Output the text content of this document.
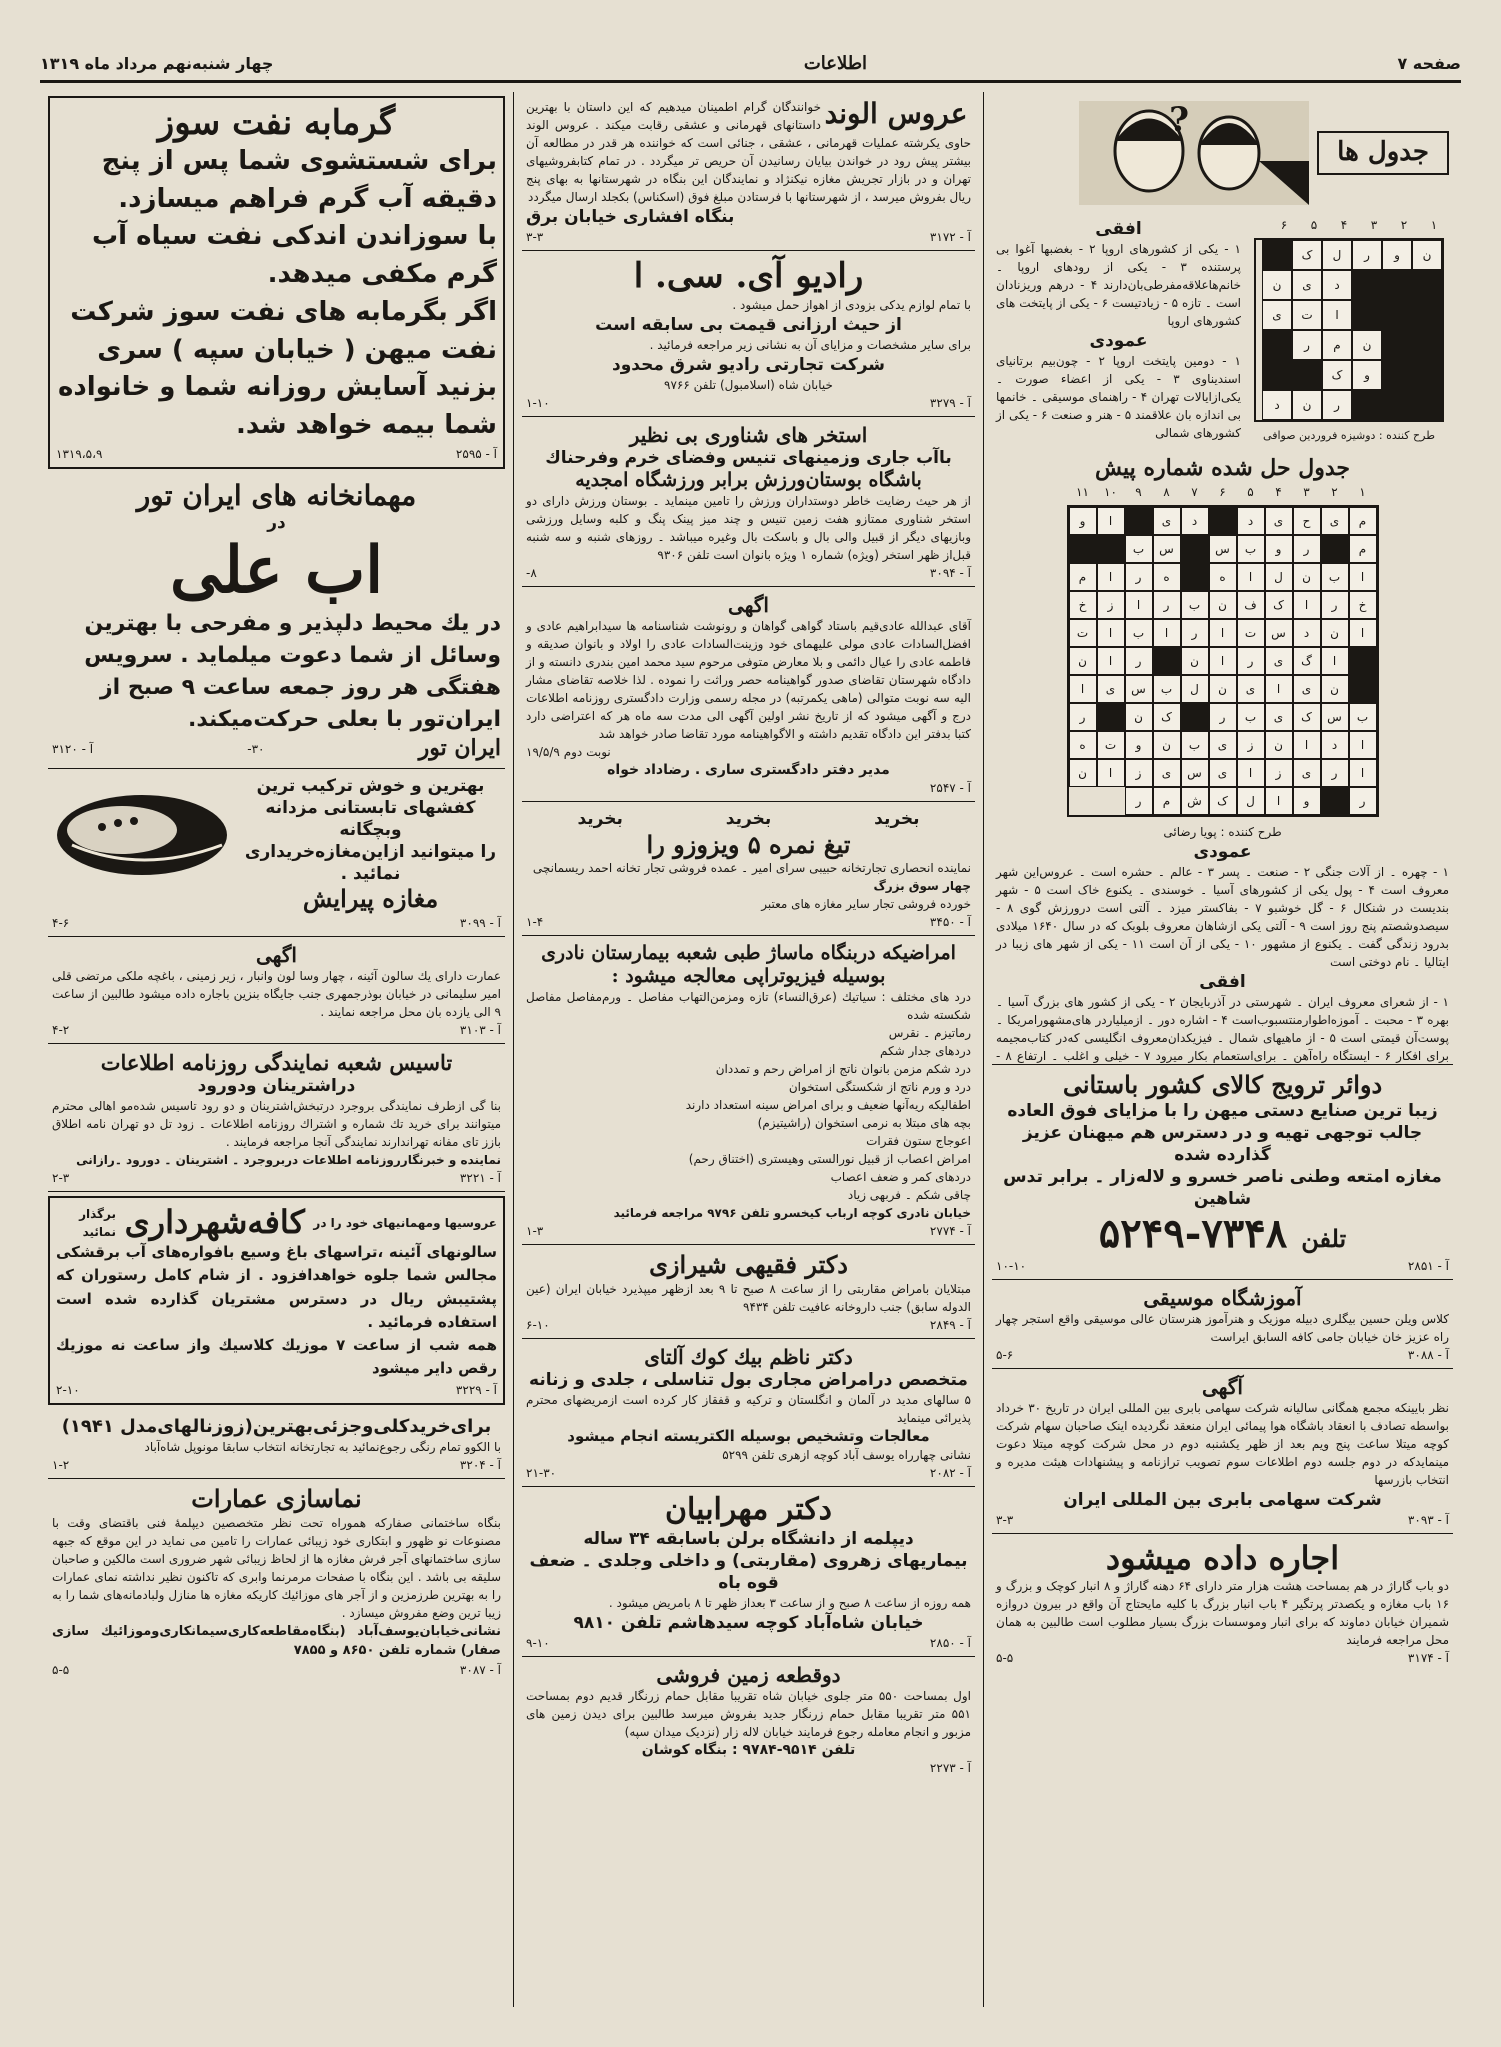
صفحه ۷
اطلاعات
چهار شنبه‌نهم مرداد ماه ۱۳۱۹
جدول ها
?
۱
۲
۳
۴
۵
۶
ن
و
ر
ل
ک
د
ی
ن
ا
ت
ی
ن
م
ر
و
ک
ر
ن
د
طرح کننده : دوشیزه فروردین صوافی
افقی
۱ - یکی از کشورهای اروپا ۲ - بغضبها آغوا بی پرستنده ۳ - یکی از رودهای اروپا ۔ خانم‌ها‌علاقه‌مفرطی‌بان‌دارند ۴ - درهم وریزنادان است ۔ تازه ۵ - زیادتیست ۶ - یکی از پایتخت های کشورهای اروپا
عمودی
۱ - دومین پایتخت اروپا ۲ - چون‌بیم برتانیای اسندیناوی ۳ - یکی از اعضاء صورت ۔ یکی‌ازایالات تهران ۴ - راهنمای موسیقی ۔ خانمها بی اندازه بان علاقمند ۵ - هنر و صنعت ۶ - یکی از کشورهای شمالی
جدول حل شده شماره پیش
۱
۲
۳
۴
۵
۶
۷
۸
۹
۱۰
۱۱
م
ی
ح
ی
د
د
ی
ا
و
م
ر
و
ب
س
س
ب
ا
ب
ن
ل
ا
ه
ه
ر
ا
م
خ
ر
ا
ک
ف
ن
ب
ر
ا
ز
خ
ا
ن
د
س
ت
ا
ر
ا
ب
ا
ت
ا
گ
ی
ر
ا
ن
ر
ا
ن
ن
ی
ا
ی
ن
ل
ب
س
ی
ا
ب
س
ک
ی
ب
ر
ک
ن
ر
ا
د
ا
ن
ز
ی
ب
ن
و
ت
ه
ا
ر
ی
ز
ا
ی
س
ی
ز
ا
ن
ر
و
ا
ل
ک
ش
م
ر
طرح کننده : پویا رضائی
عمودی
۱ - چهره ۔ از آلات جنگی ۲ - صنعت ۔ پسر ۳ - عالم ۔ حشره است ۔ عروس‌این شهر معروف است ۴ - پول یکی از کشورهای آسیا ۔ خوسندی ۔ یکنوع خاک است ۵ - شهر بندیست در شنکال ۶ - گل خوشبو ۷ - بفاکستر میزد ۔ آلتی است درورزش گوی ۸ - سیصدوشصتم پنج روز است ۹ - آلتی یکی ازشاهان معروف بلوبک که در سال ۱۶۴۰ میلادی بدرود زندگی گفت ۔ یکنوع از مشهور ۱۰ - یکی از آن است ۱۱ - یکی از شهر های زیبا در ایتالیا ۔ نام دوختی است
افقی
۱ - از شعرای معروف ایران ۔ شهرستی در آذربایجان ۲ - یکی از کشور های بزرگ آسیا ۔ بهره ۳ - محبت ۔ آموزه‌اطوار‌منتسبوب‌است ۴ - اشاره دور ۔ ازمیلیاردر های‌مشهورامریکا ۔ پوست‌آن قیمتی است ۵ - از ماهیهای شمال ۔ فیزیکدان‌معروف انگلیسی که‌در کتاب‌مجیمه برای افکار ۶ - ایستگاه راه‌آهن ۔ برای‌استعمام بکار میرود ۷ - خیلی و اغلب ۔ ارتفاع ۸ -
دوائر ترویج کالای کشور باستانی
زیبا ترین صنایع دستی میهن را با مزایای فوق العاده
جالب توجهی تهیه و در دسترس هم میهنان عزیز گذارده شده
مغازه امتعه وطنی ناصر خسرو و لاله‌زار ۔ برابر تدس شاهین
تلفن ۷۳۴۸-۵۲۴۹
آ - ۲۸۵۱
۱۰-۱۰
آموزشگاه موسیقی
کلاس ویلن حسین بیگلری دبیله موزیک و هنرآموز هنرستان عالی موسیقی واقع استجر چهار راه عزیز خان خیابان جامی کافه السابق ایراست
آ - ۳۰۸۸
۵-۶
آگهی
نظر بایینکه مجمع همگانی سالیانه شرکت سهامی بابری بین المللی ایران در تاریخ ۳۰ خرداد بواسطه تصادف با انعقاد باشگاه هوا پیمائی ایران منعقد نگردیده اینک صاحبان سهام شرکت کوچه میتلا ساعت پنج ویم بعد از ظهر یکشنبه دوم در محل شرکت کوچه میتلا دعوت مینمایدکه در دوم جلسه دوم اطلاعات سوم تصویب ترازنامه و پیشنهادات هیئت مدیره و انتخاب بازرسها
شرکت سهامی بابری بین المللی ایران
آ - ۳۰۹۳
۳-۳
اجاره داده میشود
دو باب گاراژ در هم بمساحت هشت هزار متر دارای ۶۴ دهنه گاراژ و ۸ انبار کوچک و بزرگ و ۱۶ باب مغازه و یکصدتر پرتگیر ۴ باب انبار بزرگ با کلیه مایحتاج آن واقع در بیرون دروازه شمیران خیابان دماوند که برای انبار وموسسات بزرگ بسیار مطلوب است طالبین به همان محل مراجعه فرمایند
آ - ۳۱۷۴
۵-۵
عروس الوند
خوانندگان گرام اطمینان میدهیم که این داستان با بهترین داستانهای قهرمانی و عشقی رقابت میکند . عروس الوند حاوی یکرشته عملیات قهرمانی ، عشقی ، جنائی است که خواننده هر قدر در مطالعه آن بیشتر پیش رود در خواندن بیایان رسانیدن آن حریص تر میگردد . در تمام کتابفروشیهای تهران و در بازار تجریش مغازه نیکنژاد و نمایندگان این بنگاه در شهرستانها به بهای پنج ریال بفروش میرسد ، از شهرستانها با فرستادن مبلغ فوق (اسکناس) بکجلد ارسال میگردد
بنگاه افشاری خیابان برق
آ - ۳۱۷۲
۳-۳
رادیو آی. سی. ا
با تمام لوازم یدکی بزودی از اهواز حمل میشود .
از حیث ارزانی قیمت بی سابقه است
برای سایر مشخصات و مزایای آن به نشانی زیر مراجعه فرمائید .
شرکت تجارتی رادیو شرق محدود
خیابان شاه (اسلامبول) تلفن ۹۷۶۶
آ - ۳۲۷۹
۱-۱۰
استخر های شناوری بی نظیر
باآب جاری وزمینهای تنیس وفضای خرم وفرحناك
باشگاه بوستان‌ورزش برابر ورزشگاه امجدیه
از هر حیث رضایت خاطر دوستداران ورزش را تامین مینماید ۔ بوستان ورزش دارای دو استخر شناوری ممتازو هفت زمین تنیس و چند میز پینک پنگ و کلبه وسایل ورزشی وبازیهای دیگر از قبیل والی بال و باسکت بال وغیره میباشد ۔ روزهای شنبه و سه شنبه قبل‌از ظهر استخر (ویژه) شماره ۱ ویژه بانوان است تلفن ۹۳۰۶
آ - ۳۰۹۴
۸-
اگهی
آقای عبدالله عادی‌قیم باستاد گواهی گواهان و رونوشت شناسنامه ها سیدابراهیم عادی و افضل‌السادات عادی مولی علیهمای خود وزینت‌السادات عادی را اولاد و بانوان صدیقه و فاطمه عادی را عیال دائمی و بلا معارض متوفی مرحوم سید محمد امین بندری دانسته و از دادگاه شهرستان تقاضای صدور گواهینامه حصر وراثت را نموده . لذا خلاصه تقاضای مشار الیه سه نوبت متوالی (ماهی یکمرتبه) در مجله رسمی وزارت دادگستری روزنامه اطلاعات درج و آگهی میشود که از تاریخ نشر اولین آگهی الی مدت سه ماه هر که اعتراضی دارد کتبا بدفتر این دادگاه تقدیم داشته و الاگواهینامه مورد تقاضا صادر خواهد شد
نوبت دوم ۱۹/۵/۹
مدیر دفتر دادگستری ساری . رضاداد خواه
آ - ۲۵۴۷
بخرید
بخرید
بخرید
تیغ نمره ۵ ویزوزو را
نماینده انحصاری تجارتخانه حبیبی سرای امیر ۔ عمده فروشی تجار تخانه احمد ریسمانچی
چهار سوق بزرگ
خورده فروشی تجار سایر مغازه های معتبر
آ - ۳۴۵۰
۱-۴
امراضیکه دربنگاه ماساژ طبی شعبه بیمارستان نادری بوسیله فیزیوتراپی معالجه میشود :
درد های مختلف : سیاتیك (عرق‌النساء) تازه ومزمن‌التهاب مفاصل ۔ ورم‌مفاصل مفاصل شکسته شده
رماتیزم ۔ نقرس
دردهای جدار شکم
درد شکم مزمن بانوان ناتج از امراض رحم و تمددان
درد و ورم ناتج از شکستگی استخوان
اطفالیکه ریه‌آنها ضعیف و برای امراض سینه استعداد دارند
بچه های مبتلا به نرمی استخوان (راشیتیزم)
اعوجاج ستون فقرات
امراض اعصاب از قبیل نورالستی وهیستری (اختناق رحم)
دردهای کمر و ضعف اعصاب
چاقی شکم ۔ فربهی زیاد
خیابان نادری کوچه ارباب کیخسرو تلفن ۹۷۹۶ مراجعه فرمائید
آ - ۲۷۷۴
۱-۳
دکتر فقیهی شیرازی
مبتلایان بامراض مقاربتی را از ساعت ۸ صبح تا ۹ بعد ازظهر میپذیرد خیابان ایران (عین الدوله سابق) جنب داروخانه عافیت تلفن ۹۴۳۴
آ - ۲۸۴۹
۶-۱۰
دکتر ناظم بیك کوك آلتای
متخصص درامراض مجاری بول تناسلی ، جلدی و زنانه
۵ سالهای مدید در آلمان و انگلستان و ترکیه و قفقاز کار کرده است ازمریضهای محترم پذیرائی مینماید
معالجات وتشخیص بوسیله الکتریسته انجام میشود
نشانی چهارراه یوسف آباد کوچه ازهری تلفن ۵۲۹۹
آ - ۲۰۸۲
۲۱-۳۰
دکتر مهرابیان
دیپلمه از دانشگاه برلن باسابقه ۳۴ ساله
بیماریهای زهروی (مقاربتی) و داخلی وجلدی ۔ ضعف قوه باه
همه روزه از ساعت ۸ صبح و از ساعت ۳ بعداز ظهر تا ۸ بامریض میشود .
خیابان شاه‌آباد کوچه سیدهاشم تلفن ۹۸۱۰
آ - ۲۸۵۰
۹-۱۰
دوقطعه زمین فروشی
اول بمساحت ۵۵۰ متر جلوی خیابان شاه تقریبا مقابل حمام زرنگار قدیم دوم بمساحت ۵۵۱ متر تقریبا مقابل حمام زرنگار جدید بفروش میرسد طالبین برای دیدن زمین های مزبور و انجام معامله رجوع فرمایند خیابان لاله زار (نزدیک میدان سپه)
تلفن ۹۵۱۴-۹۷۸۴ : بنگاه کوشان
آ - ۲۲۷۳
گرمابه نفت سوز
برای شستشوی شما پس از پنج دقیقه آب گرم فراهم میسازد.
با سوزاندن اندکی نفت سیاه آب گرم مکفی میدهد.
اگر بگرمابه های نفت سوز شرکت نفت میهن ( خیابان سپه ) سری بزنید آسایش روزانه شما و خانواده شما بیمه خواهد شد.
آ - ۲۵۹۵
۱۳۱۹،۵،۹
مهمانخانه های ایران تور
در
اب علی
در یك محیط دلپذیر و مفرحی با بهترین وسائل از شما دعوت میلماید . سرویس هفتگی هر روز جمعه ساعت ۹ صبح از ایران‌تور با بعلی حرکت‌میکند.
ایران تور
۳۰-
آ - ۳۱۲۰
بهترین و خوش ترکیب ترین
کفشهای تابستانی مزدانه وبچگانه
را میتوانید ازاین‌مغازه‌خریداری نمائید .
مغازه پیرایش
آ - ۳۰۹۹
۴-۶
اگهی
عمارت دارای یك سالون آئینه ، چهار وسا لون وانبار ، زیر زمینی ، باغچه ملکی مرتضی قلی امیر سلیمانی در خیابان بوذرجمهری جنب جایگاه بنزین باجاره داده میشود طالبین از ساعت ۹ الی یازده بان محل مراجعه نمایند .
آ - ۳۱۰۳
۴-۲
تاسیس شعبه نمایندگی روزنامه اطلاعات
دراشترینان ودورود
بنا گی ازطرف نمایندگی بروجرد درتبخش‌اشترینان و دو رود تاسیس شده‌مو اهالی محترم میتوانند برای خرید تك شماره و اشتراك روزنامه اطلاعات ۔ زود تل دو تهران نامه اطلاق بازز تاى مفانه تهراندارند نمایندگی آنجا مراجعه فرمایند .
نماینده و خبرنگارروزنامه اطلاعات دربروجرد ۔ اشترینان ۔ دورود ۔رازانی
آ - ۳۲۲۱
۲-۳
عروسیها ومهمانیهای خود را در
کافه‌شهرداری
برگذار نمائید
سالونهای آئینه ،تراسهای باغ وسیع بافواره‌های آب برقشکی مجالس شما جلوه خواهد‌افزود . از شام کامل رستوران که پشتیبش ریال در دسترس مشتریان گذارده شده است استفاده فرمائید .
همه شب از ساعت ۷ موزیك کلاسیك واز ساعت نه موزیك رقص دایر میشود
آ - ۳۲۲۹
۲-۱۰
برای‌خریدکلی‌وجزئی‌بهترین(زوزنالهای‌مدل ۱۹۴۱)
با الکوو تمام رنگی رجوع‌نمائید به تجارتخانه انتخاب سابقا مونوپل شاه‌آباد
آ - ۳۲۰۴
۱-۲
نماسازی عمارات
بنگاه ساختمانی صفارکه هموراه تحت نظر متخصصین دیپلمۀ فنی باقتضای وقت با مصنوعات نو ظهور و ابتکاری خود زیبائی عمارات را تامین می نماید در این موقع که جبهه سازی ساختمانهای آجر فرش مغازه ها از لحاظ زیبائی شهر ضروری است مالکین و صاحبان سلیقه بی باشد . این بنگاه با صفحات مرمرنما وابری که تاکنون نظیر نداشته نمای عمارات را به بهترین طرزمزین و از آجر های موزائیك کاریکه مغازه ها منازل ولبادمانه‌های شما را به زیبا ترین وضع مفروش میسازد .
نشانی‌خیابان‌یوسف‌آباد (بنگاه‌مقاطعه‌کاری‌سیمانکاری‌وموزائیك سازی صفار) شماره تلفن ۸۶۵۰ و ۷۸۵۵
آ - ۳۰۸۷
۵-۵
